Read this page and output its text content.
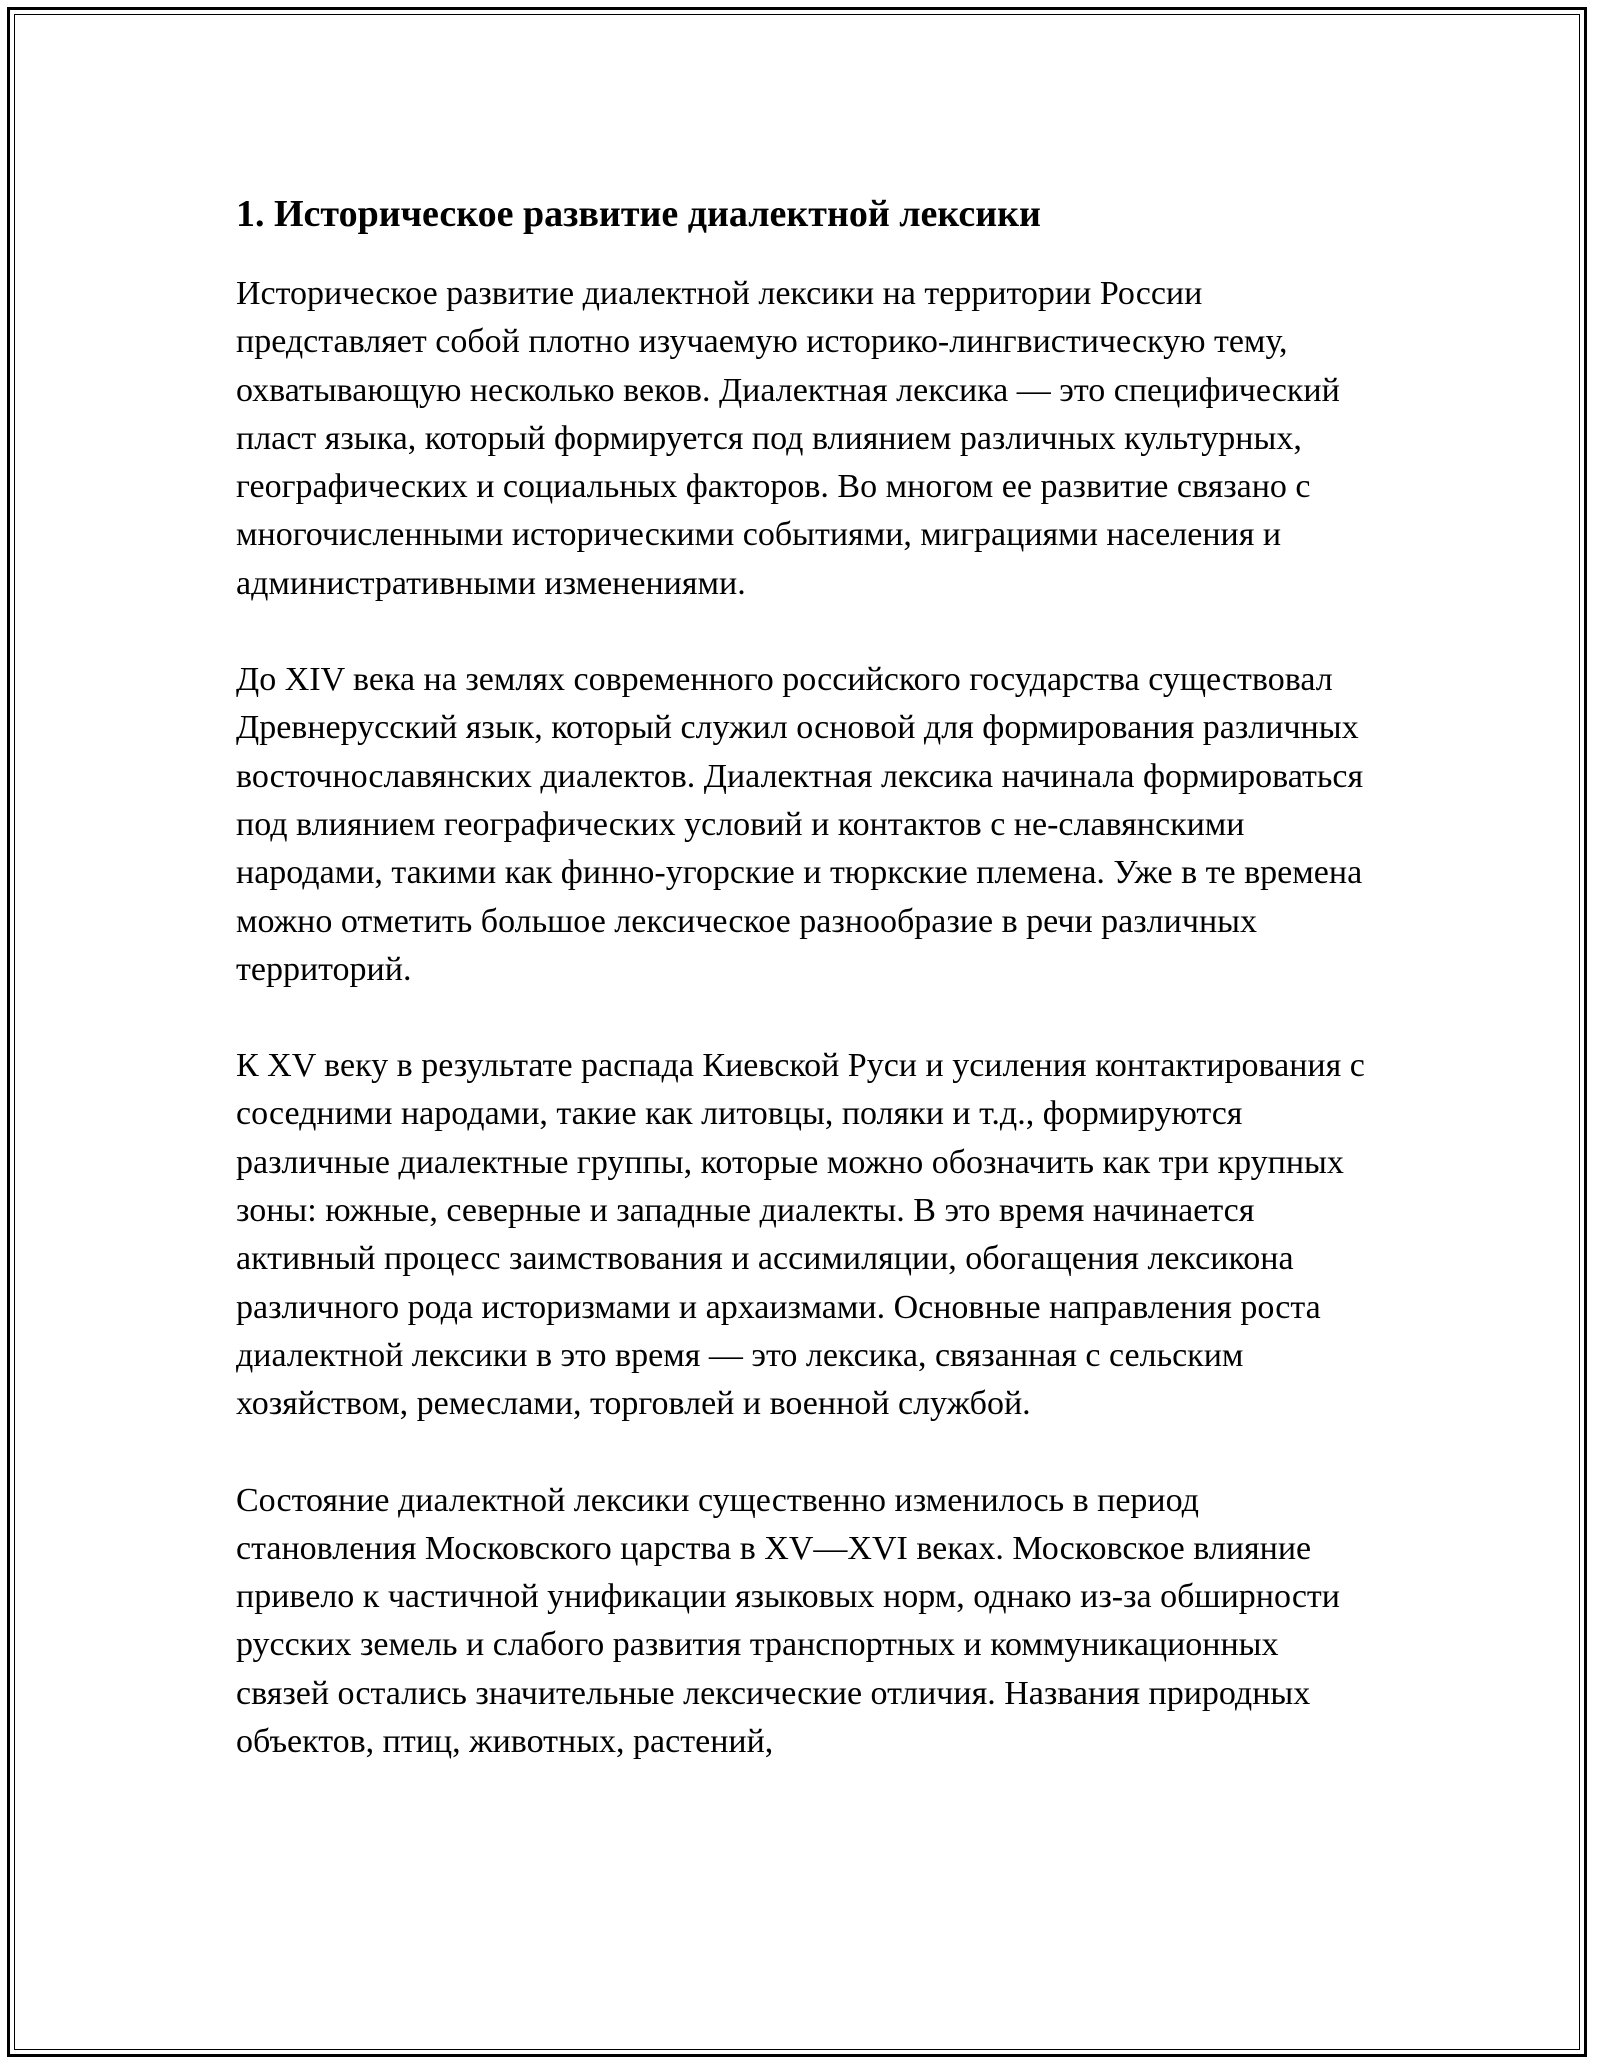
1. Историческое развитие диалектной лексики

Историческое развитие диалектной лексики на территории России представляет собой плотно изучаемую историко-лингвистическую тему, охватывающую несколько веков. Диалектная лексика — это специфический пласт языка, который формируется под влиянием различных культурных, географических и социальных факторов. Во многом ее развитие связано с многочисленными историческими событиями, миграциями населения и административными изменениями.

До XIV века на землях современного российского государства существовал Древнерусский язык, который служил основой для формирования различных восточнославянских диалектов. Диалектная лексика начинала формироваться под влиянием географических условий и контактов с не-славянскими народами, такими как финно-угорские и тюркские племена. Уже в те времена можно отметить большое лексическое разнообразие в речи различных территорий.

К XV веку в результате распада Киевской Руси и усиления контактирования с соседними народами, такие как литовцы, поляки и т.д., формируются различные диалектные группы, которые можно обозначить как три крупных зоны: южные, северные и западные диалекты. В это время начинается активный процесс заимствования и ассимиляции, обогащения лексикона различного рода историзмами и архаизмами. Основные направления роста диалектной лексики в это время — это лексика, связанная с сельским хозяйством, ремеслами, торговлей и военной службой.

Состояние диалектной лексики существенно изменилось в период становления Московского царства в XV—XVI веках. Московское влияние привело к частичной унификации языковых норм, однако из-за обширности русских земель и слабого развития транспортных и коммуникационных связей остались значительные лексические отличия. Названия природных объектов, птиц, животных, растений,
